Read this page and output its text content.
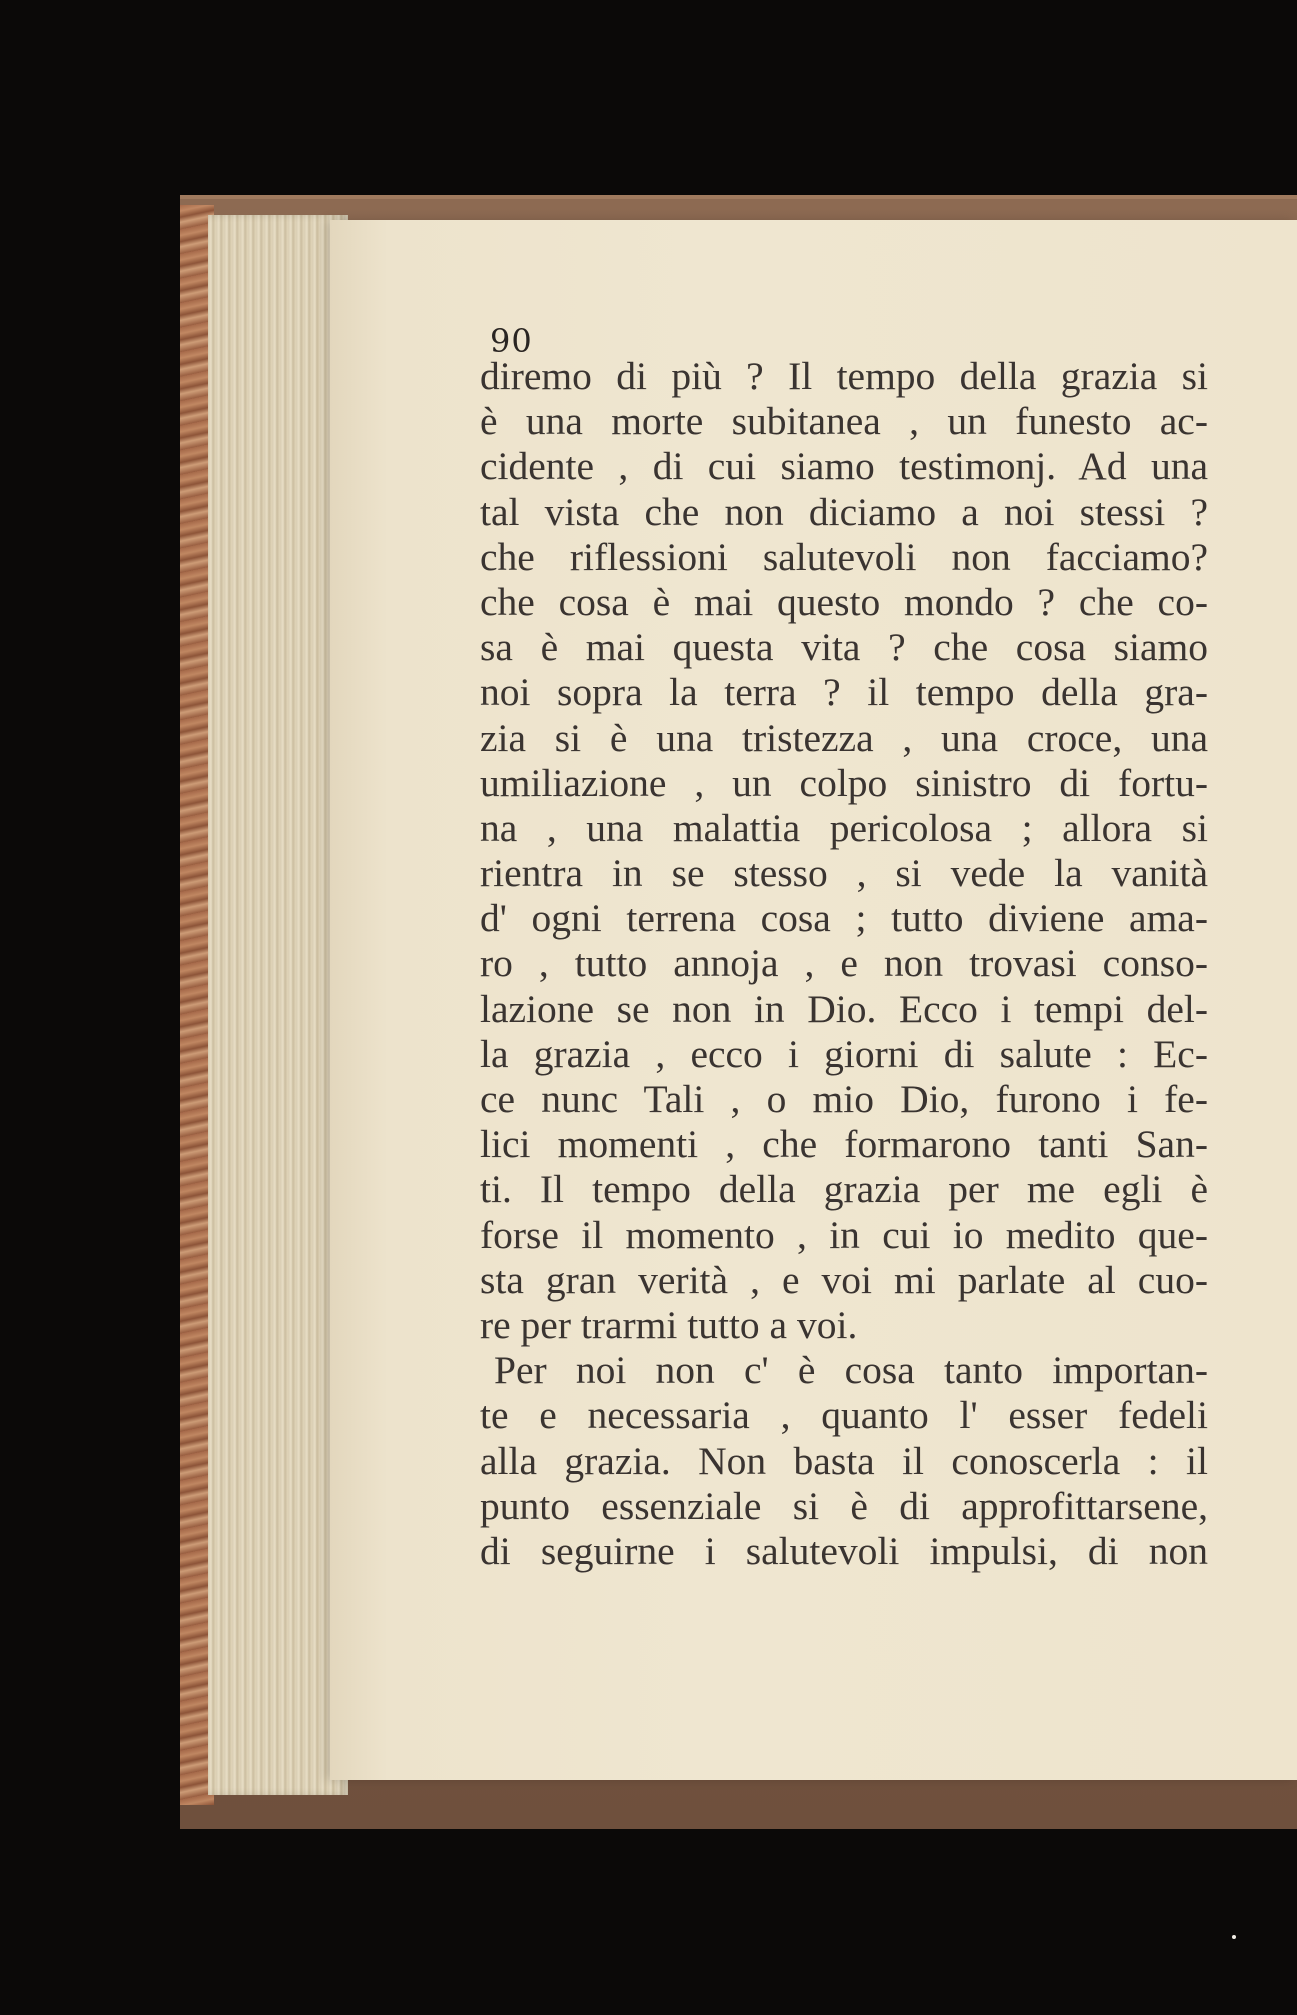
90
diremo di più ? Il tempo della grazia si
è una morte subitanea , un funesto ac-
cidente , di cui siamo testimonj. Ad una
tal vista che non diciamo a noi stessi ?
che riflessioni salutevoli non facciamo?
che cosa è mai questo mondo ? che co-
sa è mai questa vita ? che cosa siamo
noi sopra la terra ? il tempo della gra-
zia si è una tristezza , una croce, una
umiliazione , un colpo sinistro di fortu-
na , una malattia pericolosa ; allora si
rientra in se stesso , si vede la vanità
d' ogni terrena cosa ; tutto diviene ama-
ro , tutto annoja , e non trovasi conso-
lazione se non in Dio. Ecco i tempi del-
la grazia , ecco i giorni di salute : Ec-
ce nunc Tali , o mio Dio, furono i fe-
lici momenti , che formarono tanti San-
ti. Il tempo della grazia per me egli è
forse il momento , in cui io medito que-
sta gran verità , e voi mi parlate al cuo-
re per trarmi tutto a voi.
Per noi non c' è cosa tanto importan-
te e necessaria , quanto l' esser fedeli
alla grazia. Non basta il conoscerla : il
punto essenziale si è di approfittarsene,
di seguirne i salutevoli impulsi, di non
